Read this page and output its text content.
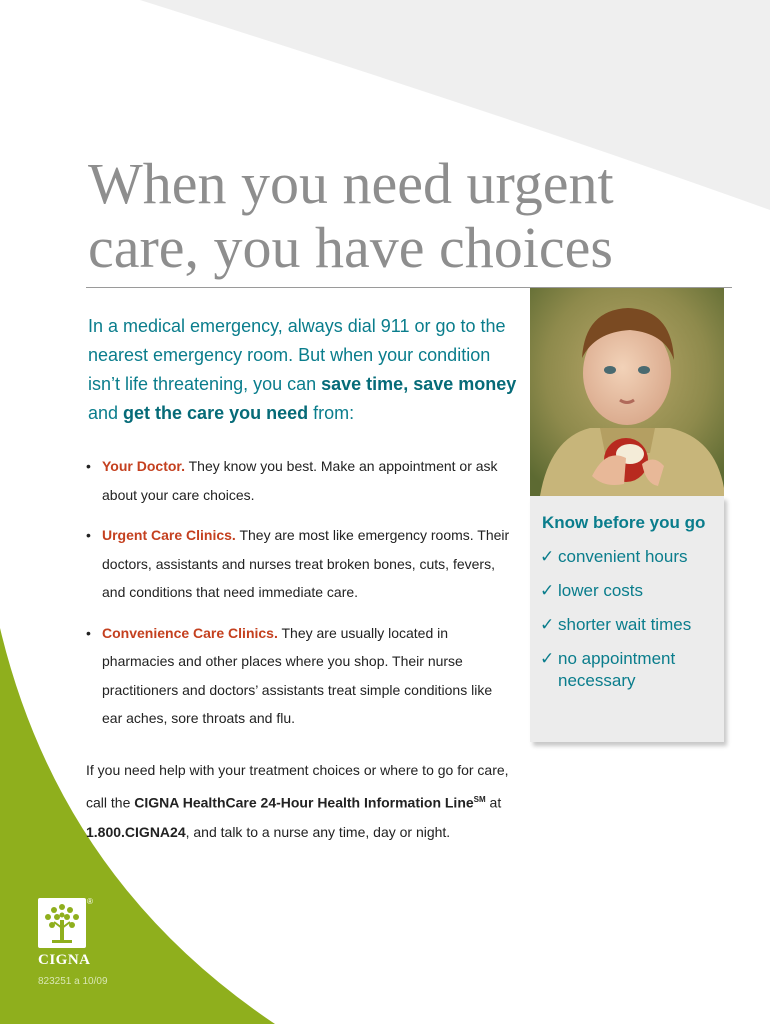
When you need urgent
care, you have choices

In a medical emergency, always dial 911 or go to the nearest emergency room. But when your condition isn’t life threatening, you can save time, save money and get the care you need from:

• Your Doctor. They know you best. Make an appointment or ask about your care choices.
• Urgent Care Clinics. They are most like emergency rooms. Their doctors, assistants and nurses treat broken bones, cuts, fevers, and conditions that need immediate care.
• Convenience Care Clinics. They are usually located in pharmacies and other places where you shop. Their nurse practitioners and doctors’ assistants treat simple conditions like ear aches, sore throats and flu.

If you need help with your treatment choices or where to go for care, call the CIGNA HealthCare 24-Hour Health Information Line℠ at 1.800.CIGNA24, and talk to a nurse any time, day or night.

Know before you go
✓ convenient hours
✓ lower costs
✓ shorter wait times
✓ no appointment necessary
®
CIGNA
823251 a 10/09
